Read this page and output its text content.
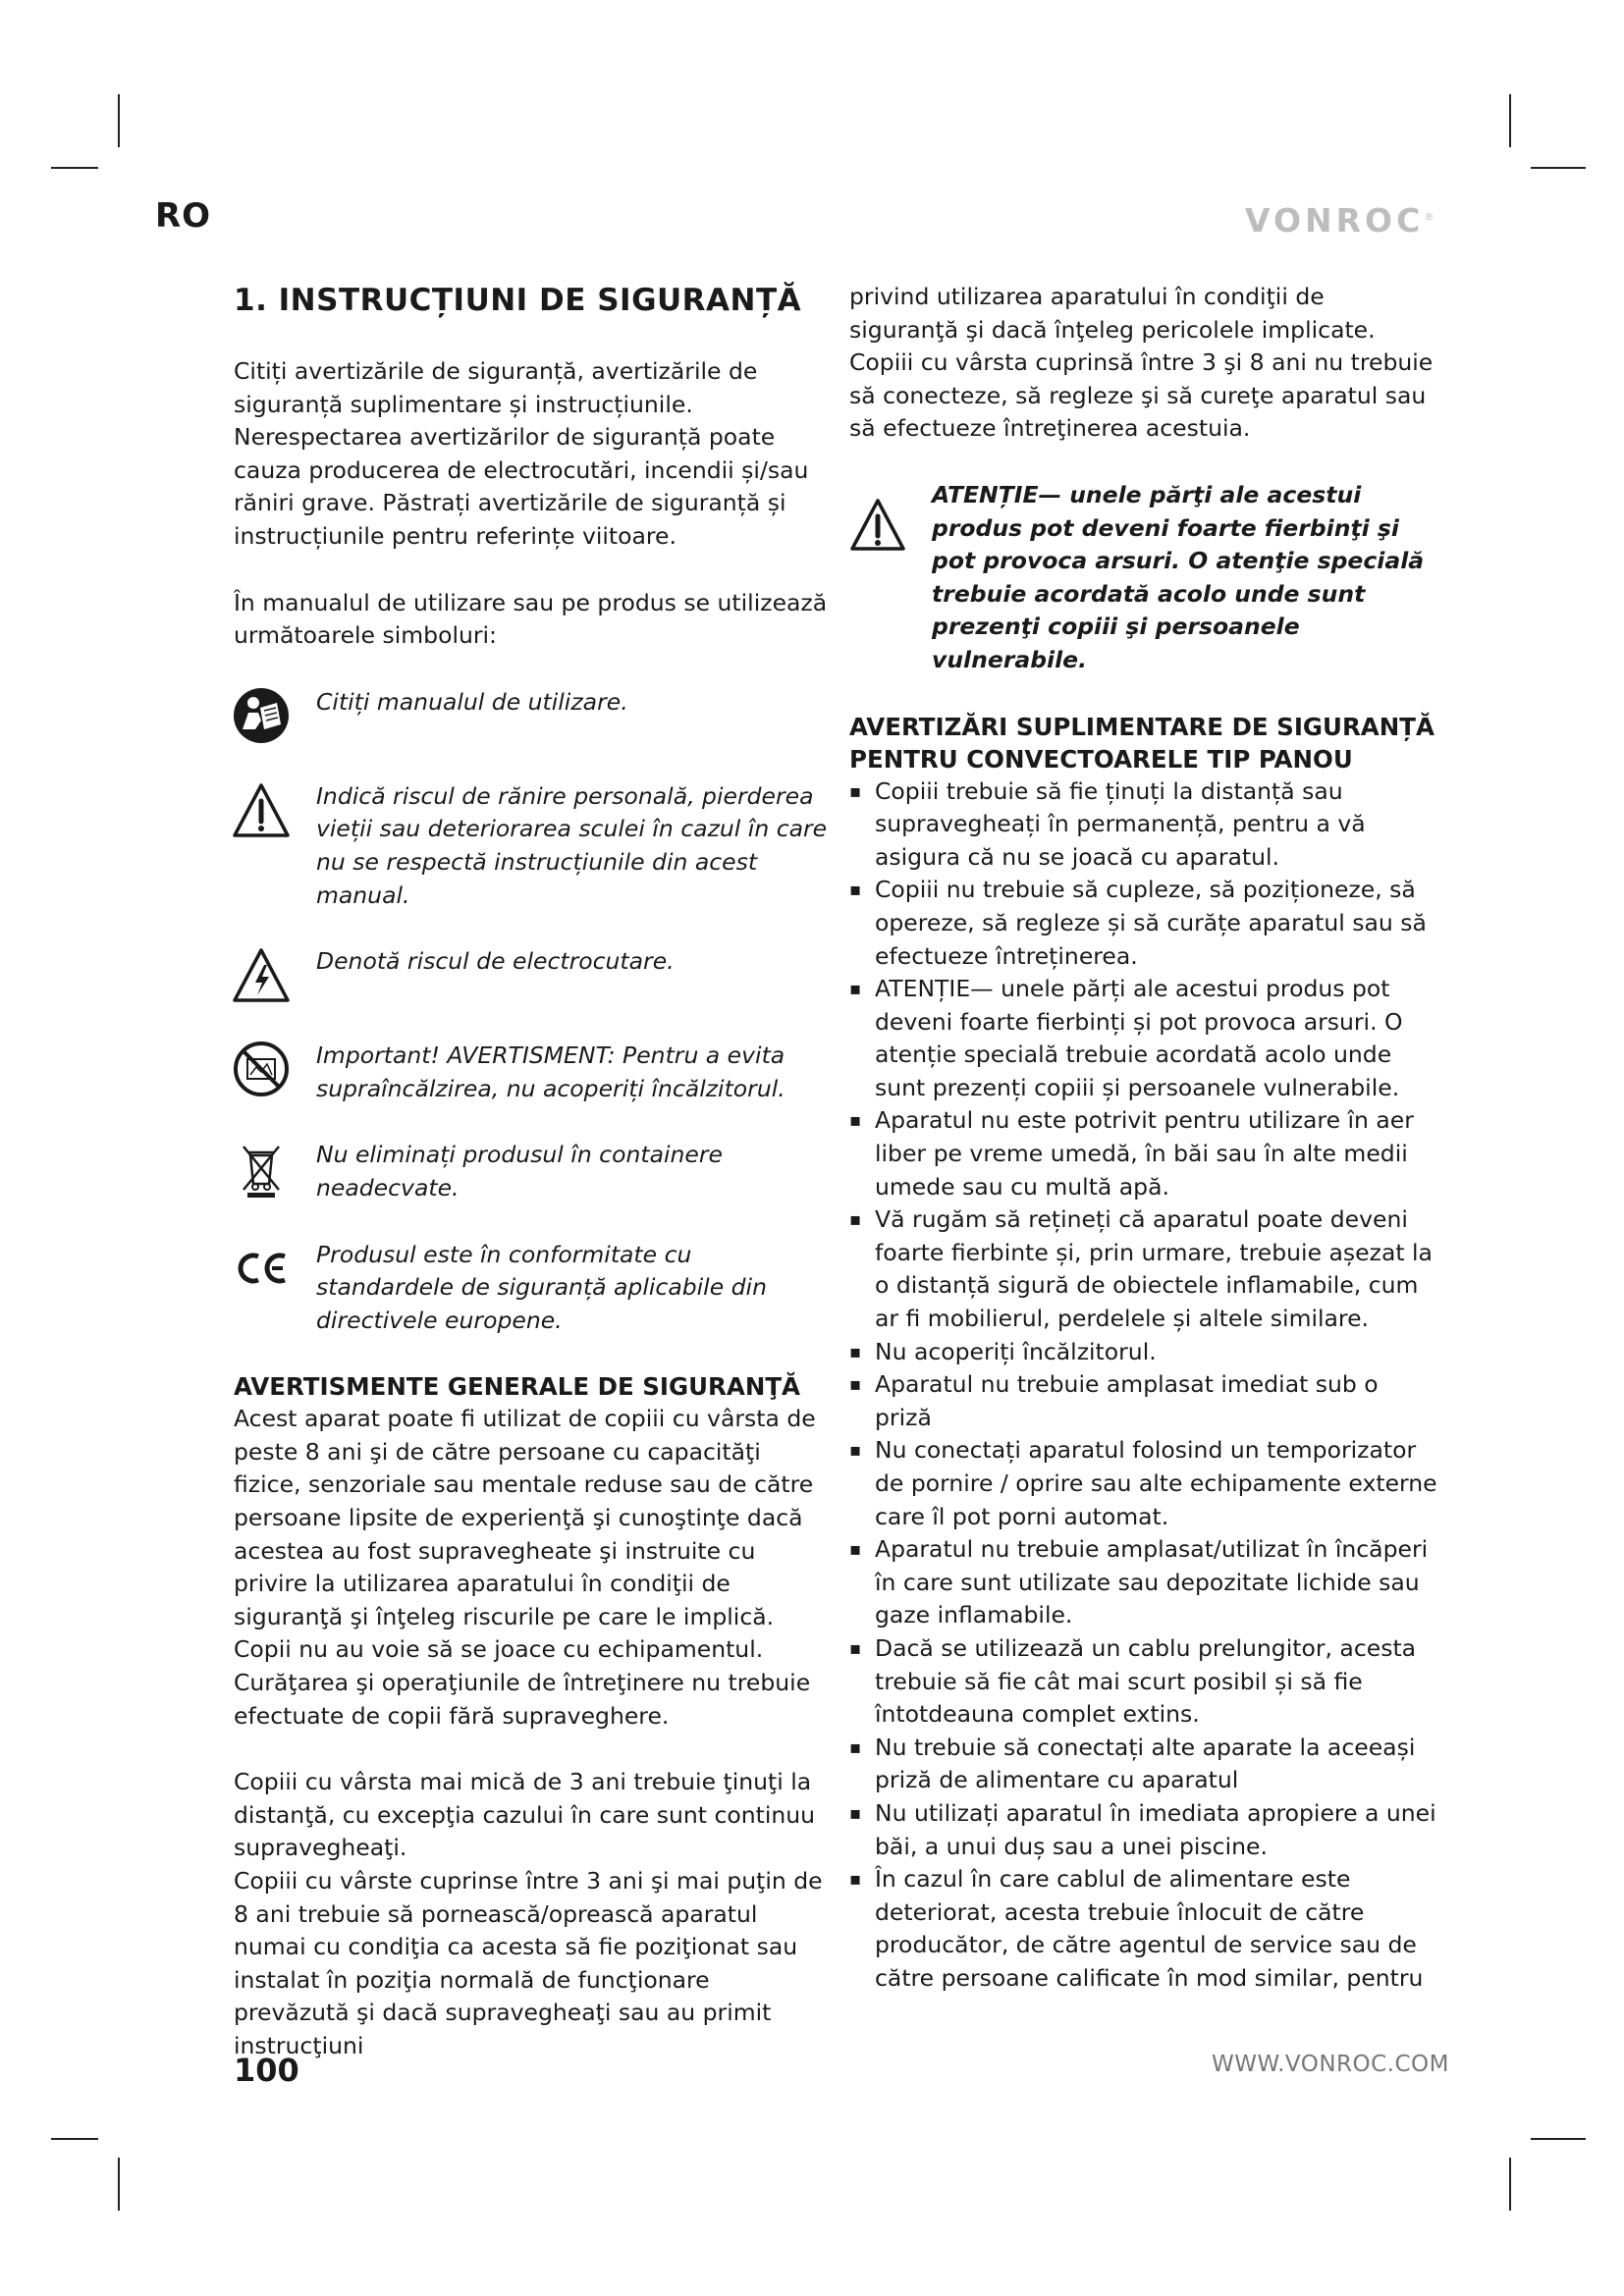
RO	VONROC®
1. INSTRUCȚIUNI DE SIGURANȚĂ

Citiți avertizările de siguranță, avertizările de siguranță suplimentare și instrucțiunile. Nerespectarea avertizărilor de siguranță poate cauza producerea de electrocutări, incendii și/sau răniri grave. Păstrați avertizările de siguranță și instrucțiunile pentru referințe viitoare.

În manualul de utilizare sau pe produs se utilizează următoarele simboluri:

Citiți manualul de utilizare.
Indică riscul de rănire personală, pierderea vieții sau deteriorarea sculei în cazul în care nu se respectă instrucțiunile din acest manual.
Denotă riscul de electrocutare.
Important! AVERTISMENT: Pentru a evita supraîncălzirea, nu acoperiți încălzitorul.
Nu eliminați produsul în containere neadecvate.
Produsul este în conformitate cu standardele de siguranță aplicabile din directivele europene.
AVERTISMENTE GENERALE DE SIGURANŢĂ

Acest aparat poate fi utilizat de copiii cu vârsta de peste 8 ani şi de către persoane cu capacităţi fizice, senzoriale sau mentale reduse sau de către persoane lipsite de experienţă şi cunoştinţe dacă acestea au fost supravegheate şi instruite cu privire la utilizarea aparatului în condiţii de siguranţă şi înţeleg riscurile pe care le implică. Copii nu au voie să se joace cu echipamentul. Curăţarea şi operaţiunile de întreţinere nu trebuie efectuate de copii fără supraveghere.

Copiii cu vârsta mai mică de 3 ani trebuie ţinuţi la distanţă, cu excepţia cazului în care sunt continuu supravegheaţi.

Copiii cu vârste cuprinse între 3 ani şi mai puţin de 8 ani trebuie să pornească/oprească aparatul numai cu condiţia ca acesta să fie poziţionat sau instalat în poziţia normală de funcţionare prevăzută şi dacă supravegheaţi sau au primit instrucţiuni

privind utilizarea aparatului în condiţii de siguranţă şi dacă înţeleg pericolele implicate. Copiii cu vârsta cuprinsă între 3 şi 8 ani nu trebuie să conecteze, să regleze şi să cureţe aparatul sau să efectueze întreţinerea acestuia.

ATENȚIE— unele părţi ale acestui produs pot deveni foarte fierbinţi şi pot provoca arsuri. O atenţie specială trebuie acordată acolo unde sunt prezenţi copiii şi persoanele vulnerabile.
AVERTIZĂRI SUPLIMENTARE DE SIGURANȚĂ PENTRU CONVECTOARELE TIP PANOU
▪ Copiii trebuie să fie ținuți la distanță sau supravegheați în permanență, pentru a vă asigura că nu se joacă cu aparatul.
▪ Copiii nu trebuie să cupleze, să poziționeze, să opereze, să regleze și să curățe aparatul sau să efectueze întreținerea.
▪ ATENȚIE— unele părți ale acestui produs pot deveni foarte fierbinți și pot provoca arsuri. O atenție specială trebuie acordată acolo unde sunt prezenți copiii și persoanele vulnerabile.
▪ Aparatul nu este potrivit pentru utilizare în aer liber pe vreme umedă, în băi sau în alte medii umede sau cu multă apă.
▪ Vă rugăm să rețineți că aparatul poate deveni foarte fierbinte și, prin urmare, trebuie așezat la o distanță sigură de obiectele inflamabile, cum ar fi mobilierul, perdelele și altele similare.
▪ Nu acoperiți încălzitorul.
▪ Aparatul nu trebuie amplasat imediat sub o priză
▪ Nu conectați aparatul folosind un temporizator de pornire / oprire sau alte echipamente externe care îl pot porni automat.
▪ Aparatul nu trebuie amplasat/utilizat în încăperi în care sunt utilizate sau depozitate lichide sau gaze inflamabile.
▪ Dacă se utilizează un cablu prelungitor, acesta trebuie să fie cât mai scurt posibil și să fie întotdeauna complet extins.
▪ Nu trebuie să conectați alte aparate la aceeași priză de alimentare cu aparatul
▪ Nu utilizați aparatul în imediata apropiere a unei băi, a unui duș sau a unei piscine.
▪ În cazul în care cablul de alimentare este deteriorat, acesta trebuie înlocuit de către producător, de către agentul de service sau de către persoane calificate în mod similar, pentru
100	WWW.VONROC.COM
